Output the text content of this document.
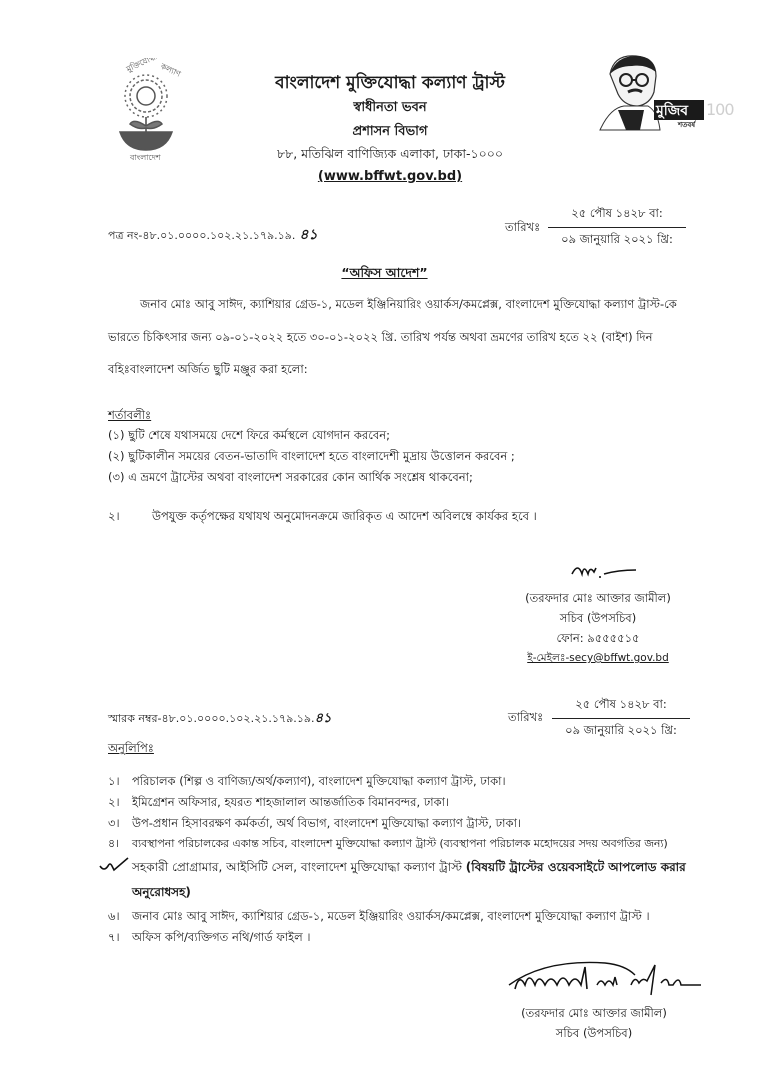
মুক্তিযোদ্ধা কল্যাণ
বাংলাদেশ
বাংলাদেশ মুক্তিযোদ্ধা কল্যাণ ট্রাস্ট
স্বাধীনতা ভবন
প্রশাসন বিভাগ
৮৮, মতিঝিল বাণিজ্যিক এলাকা, ঢাকা-১০০০
(www.bffwt.gov.bd)
মুজিব
শতবর্ষ
100
পত্র নং-৪৮.০১.০০০০.১০২.২১.১৭৯.১৯. ৪১	তারিখঃ
২৫ পৌষ ১৪২৮ বা:
০৯ জানুয়ারি ২০২১ খ্রি:
“অফিস আদেশ”
জনাব মোঃ আবু সাঈদ, ক্যাশিয়ার গ্রেড-১, মডেল ইঞ্জিনিয়ারিং ওয়ার্কস/কমপ্লেক্স, বাংলাদেশ মুক্তিযোদ্ধা কল্যাণ ট্রাস্ট-কে
ভারতে চিকিৎসার জন্য ০৯-০১-২০২২ হতে ৩০-০১-২০২২ খ্রি. তারিখ পর্যন্ত অথবা ভ্রমণের তারিখ হতে ২২ (বাইশ) দিন
বহিঃবাংলাদেশ অর্জিত ছুটি মঞ্জুর করা হলো:
শর্তাবলীঃ
(১) ছুটি শেষে যথাসময়ে দেশে ফিরে কর্মস্থলে যোগদান করবেন;
(২) ছুটিকালীন সময়ের বেতন-ভাতাদি বাংলাদেশ হতে বাংলাদেশী মুদ্রায় উত্তোলন করবেন ;
(৩) এ ভ্রমণে ট্রাস্টের অথবা বাংলাদেশ সরকারের কোন আর্থিক সংশ্লেষ থাকবেনা;
২।	উপযুক্ত কর্তৃপক্ষের যথাযথ অনুমোদনক্রমে জারিকৃত এ আদেশ অবিলম্বে কার্যকর হবে ।
(তরফদার মোঃ আক্তার জামীল)
সচিব (উপসচিব)
ফোন: ৯৫৫৫৫১৫
ই-মেইলঃ-secy@bffwt.gov.bd
স্মারক নম্বর-৪৮.০১.০০০০.১০২.২১.১৭৯.১৯.৪১	তারিখঃ
২৫ পৌষ ১৪২৮ বা:
০৯ জানুয়ারি ২০২১ খ্রি:
অনুলিপিঃ
১। পরিচালক (শিল্প ও বাণিজ্য/অর্থ/কল্যাণ), বাংলাদেশ মুক্তিযোদ্ধা কল্যাণ ট্রাস্ট, ঢাকা।
২। ইমিগ্রেশন অফিসার, হযরত শাহজালাল আন্তর্জাতিক বিমানবন্দর, ঢাকা।
৩। উপ-প্রধান হিসাবরক্ষণ কর্মকর্তা, অর্থ বিভাগ, বাংলাদেশ মুক্তিযোদ্ধা কল্যাণ ট্রাস্ট, ঢাকা।
৪। ব্যবস্থাপনা পরিচালকের একান্ত সচিব, বাংলাদেশ মুক্তিযোদ্ধা কল্যাণ ট্রাস্ট (ব্যবস্থাপনা পরিচালক মহোদয়ের সদয় অবগতির জন্য)
সহকারী প্রোগ্রামার, আইসিটি সেল, বাংলাদেশ মুক্তিযোদ্ধা কল্যাণ ট্রাস্ট (বিষয়টি ট্রাস্টের ওয়েবসাইটে আপলোড করার
অনুরোধসহ)
৬। জনাব মোঃ আবু সাঈদ, ক্যাশিয়ার গ্রেড-১, মডেল ইঞ্জিয়ারিং ওয়ার্কস/কমপ্লেক্স, বাংলাদেশ মুক্তিযোদ্ধা কল্যাণ ট্রাস্ট ।
৭। অফিস কপি/ব্যক্তিগত নথি/গার্ড ফাইল ।
(তরফদার মোঃ আক্তার জামীল)
সচিব (উপসচিব)
